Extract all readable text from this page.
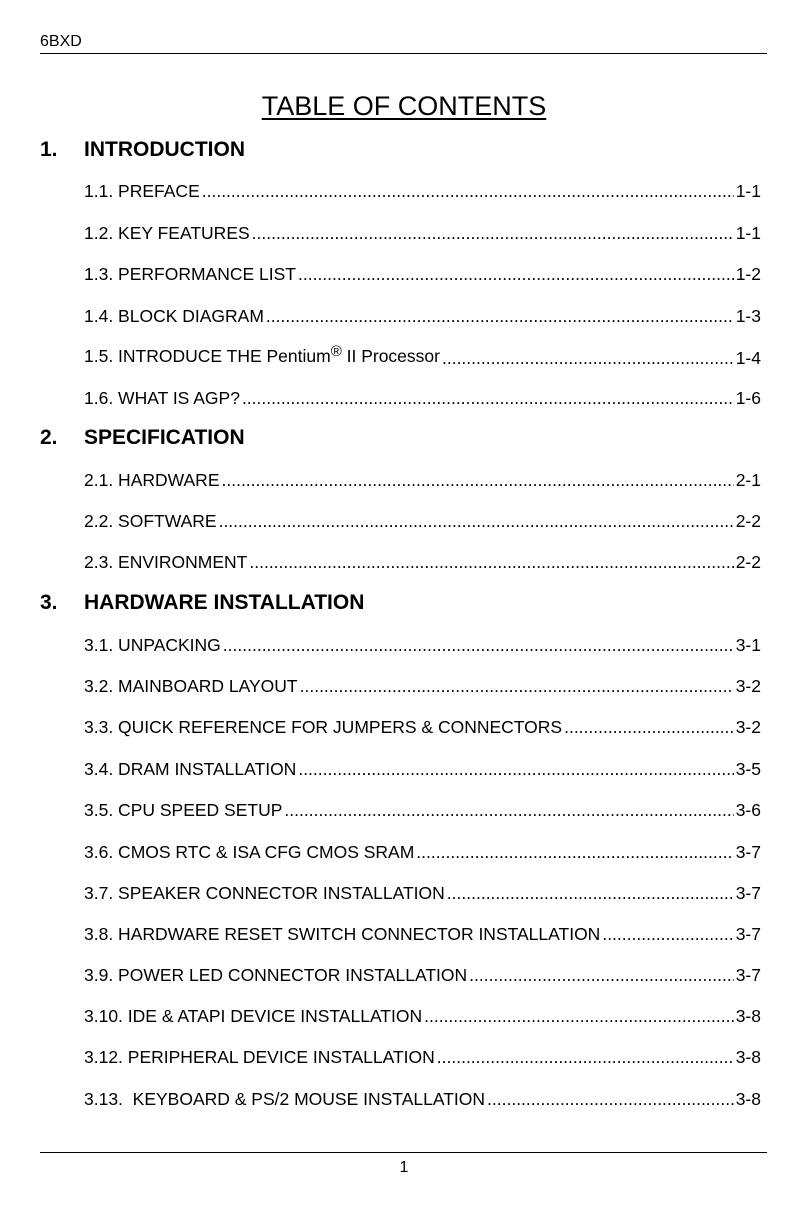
6BXD
TABLE OF CONTENTS
1. INTRODUCTION
1.1. PREFACE .....	1-1
1.2. KEY FEATURES .....	1-1
1.3. PERFORMANCE LIST .....	1-2
1.4. BLOCK DIAGRAM .....	1-3
1.5. INTRODUCE THE Pentium® II Processor .....	1-4
1.6. WHAT IS AGP? .....	1-6
2. SPECIFICATION
2.1. HARDWARE .....	2-1
2.2. SOFTWARE .....	2-2
2.3. ENVIRONMENT .....	2-2
3. HARDWARE INSTALLATION
3.1. UNPACKING .....	3-1
3.2. MAINBOARD LAYOUT .....	3-2
3.3. QUICK REFERENCE FOR JUMPERS & CONNECTORS .....	3-2
3.4. DRAM INSTALLATION .....	3-5
3.5. CPU SPEED SETUP .....	3-6
3.6. CMOS RTC & ISA CFG CMOS SRAM .....	3-7
3.7. SPEAKER CONNECTOR INSTALLATION .....	3-7
3.8. HARDWARE RESET SWITCH CONNECTOR INSTALLATION .....	3-7
3.9. POWER LED CONNECTOR INSTALLATION .....	3-7
3.10. IDE & ATAPI DEVICE INSTALLATION .....	3-8
3.12. PERIPHERAL DEVICE INSTALLATION .....	3-8
3.13.  KEYBOARD & PS/2 MOUSE INSTALLATION .....	3-8
1
